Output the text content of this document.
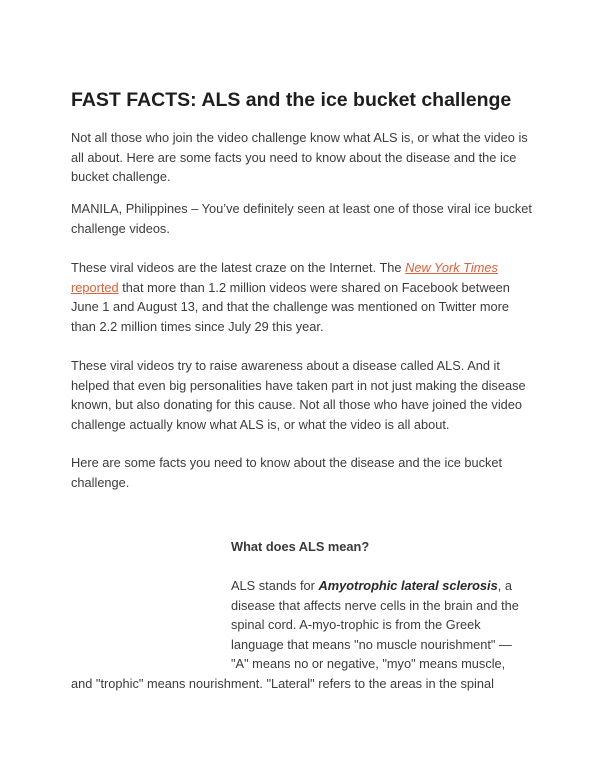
FAST FACTS: ALS and the ice bucket challenge

Not all those who join the video challenge know what ALS is, or what the video is all about. Here are some facts you need to know about the disease and the ice bucket challenge.

MANILA, Philippines – You’ve definitely seen at least one of those viral ice bucket challenge videos.

These viral videos are the latest craze on the Internet. The New York Times reported that more than 1.2 million videos were shared on Facebook between June 1 and August 13, and that the challenge was mentioned on Twitter more than 2.2 million times since July 29 this year.

These viral videos try to raise awareness about a disease called ALS. And it helped that even big personalities have taken part in not just making the disease known, but also donating for this cause. Not all those who have joined the video challenge actually know what ALS is, or what the video is all about.

Here are some facts you need to know about the disease and the ice bucket challenge.

What does ALS mean?

ALS stands for Amyotrophic lateral sclerosis, a

disease that affects nerve cells in the brain and the

spinal cord. A-myo-trophic is from the Greek

language that means "no muscle nourishment" —

"A" means no or negative, "myo" means muscle,

and "trophic" means nourishment. "Lateral" refers to the areas in the spinal
